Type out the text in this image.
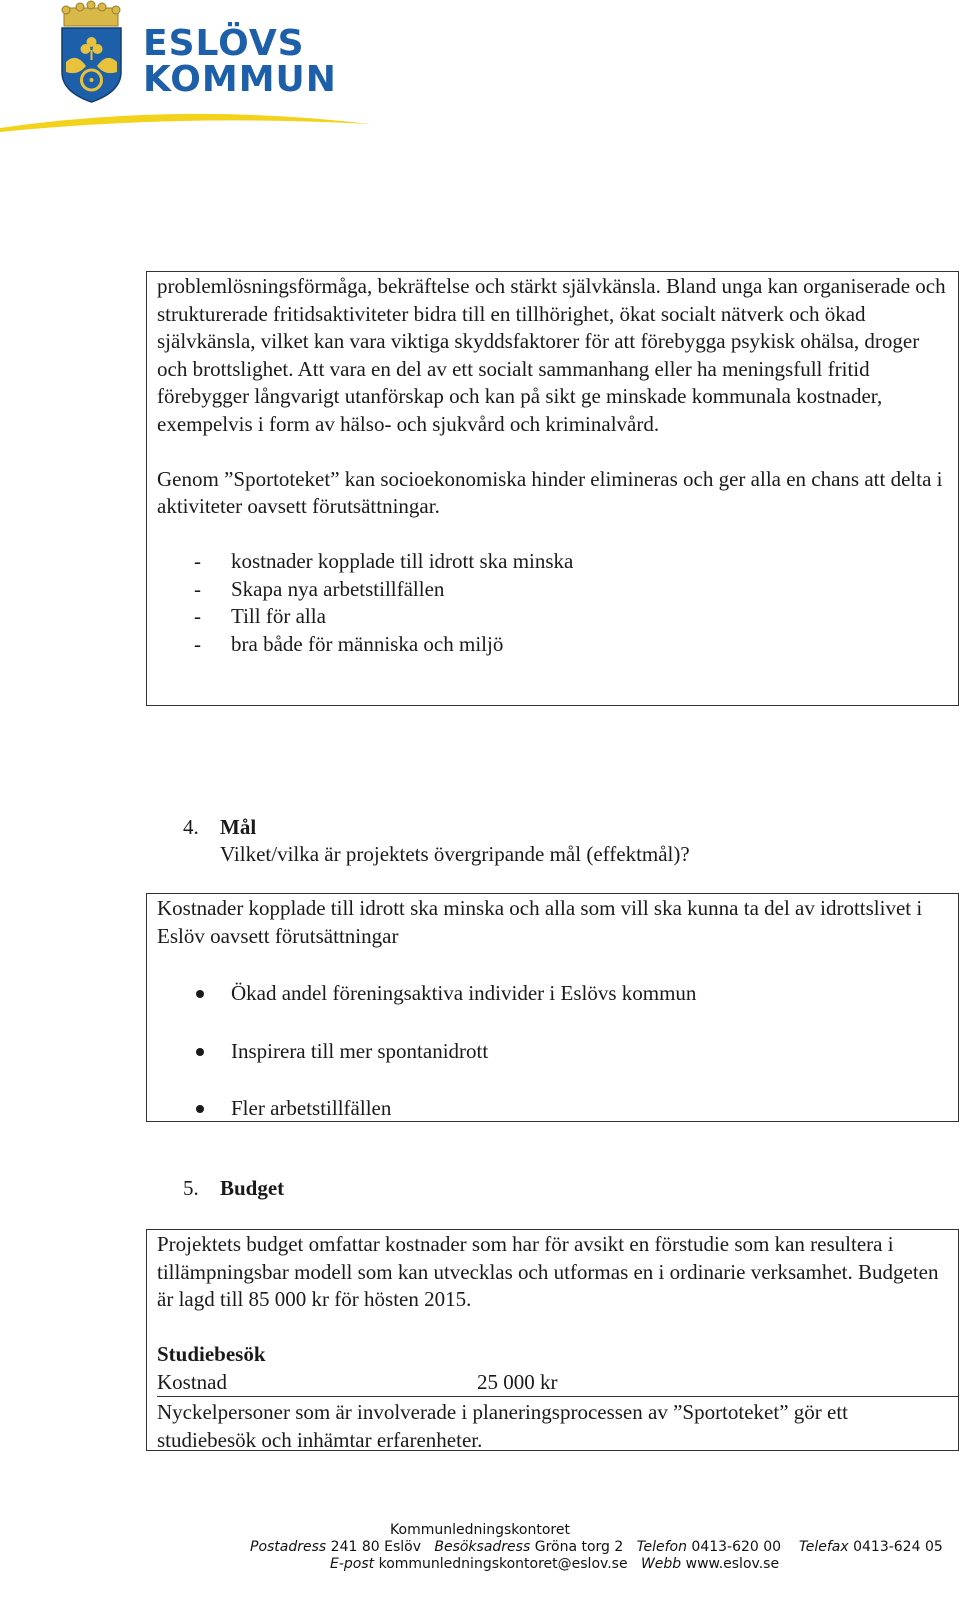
ESLÖVS
KOMMUN

problemlösningsförmåga, bekräftelse och stärkt självkänsla. Bland unga kan organiserade och strukturerade fritidsaktiviteter bidra till en tillhörighet, ökat socialt nätverk och ökad självkänsla, vilket kan vara viktiga skyddsfaktorer för att förebygga psykisk ohälsa, droger och brottslighet. Att vara en del av ett socialt sammanhang eller ha meningsfull fritid förebygger långvarigt utanförskap och kan på sikt ge minskade kommunala kostnader, exempelvis i form av hälso- och sjukvård och kriminalvård.

Genom ”Sportoteket” kan socioekonomiska hinder elimineras och ger alla en chans att delta i aktiviteter oavsett förutsättningar.

- kostnader kopplade till idrott ska minska
- Skapa nya arbetstillfällen
- Till för alla
- bra både för människa och miljö
4. Mål
Vilket/vilka är projektets övergripande mål (effektmål)?

Kostnader kopplade till idrott ska minska och alla som vill ska kunna ta del av idrottslivet i Eslöv oavsett förutsättningar

Ökad andel föreningsaktiva individer i Eslövs kommun
Inspirera till mer spontanidrott
Fler arbetstillfällen
5. Budget

Projektets budget omfattar kostnader som har för avsikt en förstudie som kan resultera i tillämpningsbar modell som kan utvecklas och utformas en i ordinarie verksamhet. Budgeten är lagd till 85 000 kr för hösten 2015.

Studiebesök

Kostnad	25 000 kr

Nyckelpersoner som är involverade i planeringsprocessen av ”Sportoteket” gör ett studiebesök och inhämtar erfarenheter.

Kommunledningskontoret
Postadress 241 80 Eslöv Besöksadress Gröna torg 2 Telefon 0413-620 00 Telefax 0413-624 05
E-post kommunledningskontoret@eslov.se Webb www.eslov.se
